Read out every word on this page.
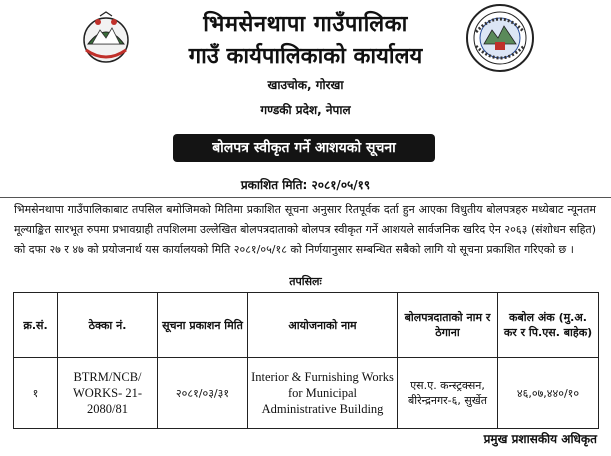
भिमसेनथापा गाउँपालिका
गाउँ कार्यपालिकाको कार्यालय
खाउचोक, गोरखा
गण्डकी प्रदेश, नेपाल
बोलपत्र स्वीकृत गर्ने आशयको सूचना
प्रकाशित मिति: २०८१/०५/१९
भिमसेनथापा गाउँपालिकाबाट तपसिल बमोजिमको मितिमा प्रकाशित सूचना अनुसार रितपूर्वक दर्ता हुन आएका विधुतीय बोलपत्रहरु मध्येबाट न्यूनतम मूल्याङ्कित सारभूत रुपमा प्रभावग्राही तपशिलमा उल्लेखित बोलपत्रदाताको बोलपत्र स्वीकृत गर्ने आशयले सार्वजनिक खरिद ऐन २०६३ (संशोधन सहित) को दफा २७ र ४७ को प्रयोजनार्थ यस कार्यालयको मिति २०८१/०५/१८ को निर्णयानुसार सम्बन्धित सबैको लागि यो सूचना प्रकाशित गरिएको छ ।
तपसिलः
क्र.सं.	ठेक्का नं.	सूचना प्रकाशन मिति	आयोजनाको नाम	बोलपत्रदाताको नाम र ठेगाना	कबोल अंक (मु.अ. कर र पि.एस. बाहेक)
१	BTRM/NCB/ WORKS- 21- 2080/81	२०८१/०३/३१	Interior & Furnishing Works for Municipal Administrative Building	एस.ए. कन्स्ट्रक्सन, बीरेन्द्रनगर-६, सुर्खेत	४६,०७,४४०/१०
प्रमुख प्रशासकीय अधिकृत
